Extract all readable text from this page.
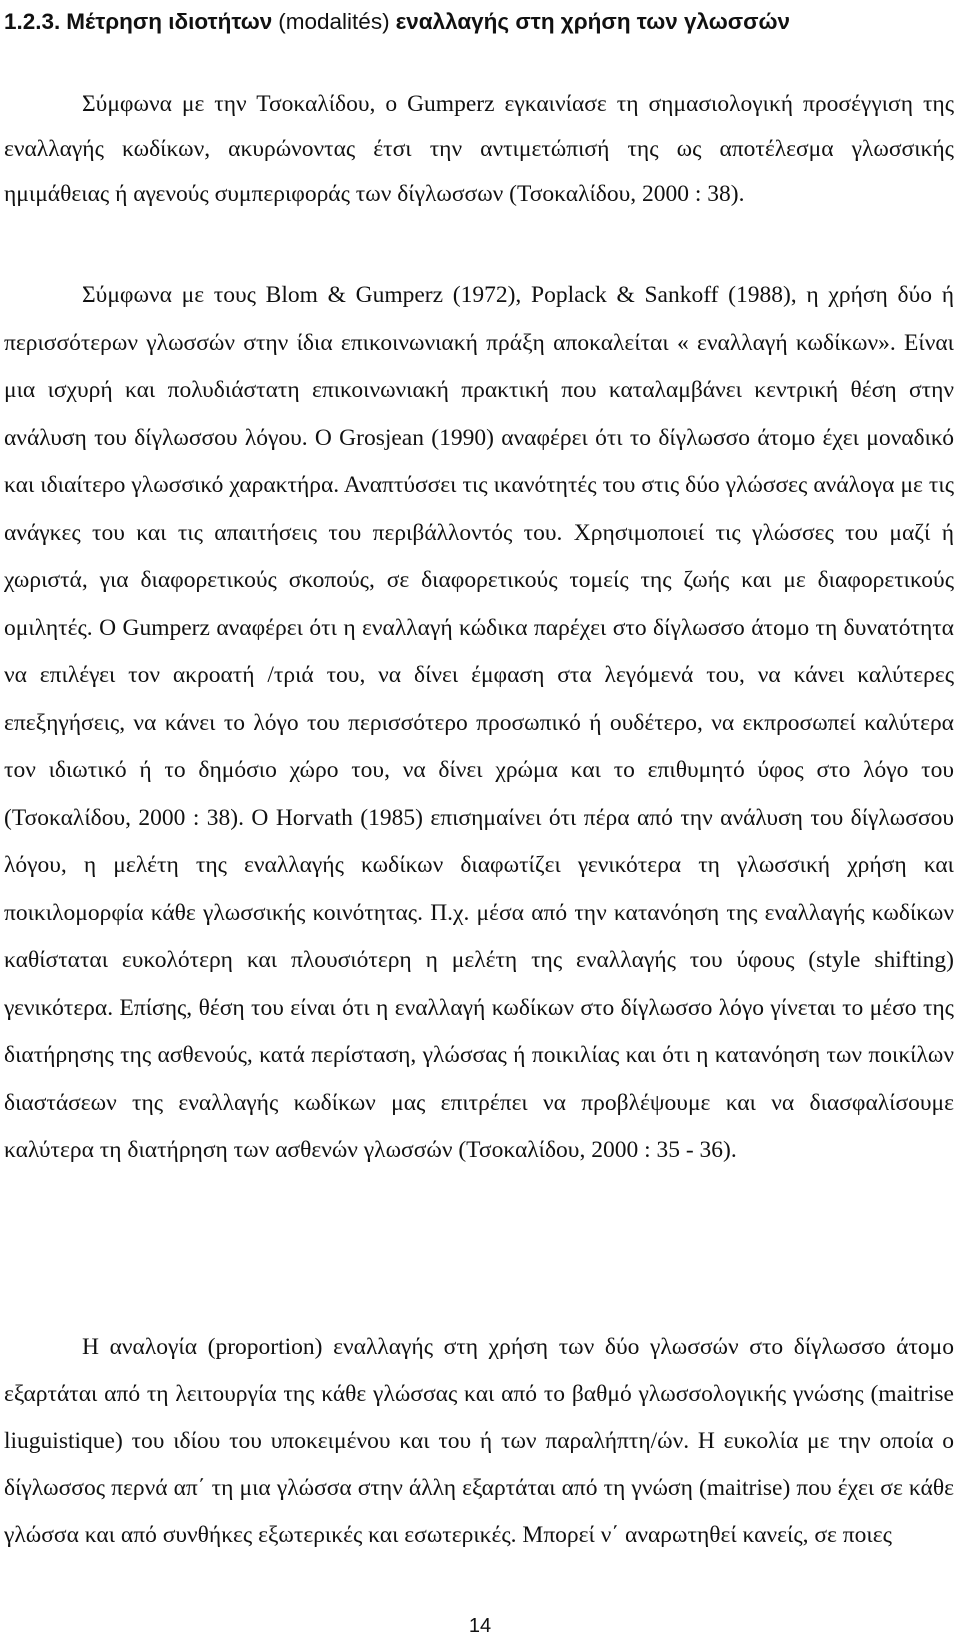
1.2.3. Μέτρηση ιδιοτήτων (modalités) εναλλαγής στη χρήση των γλωσσών

Σύμφωνα με την Τσοκαλίδου, ο Gumperz εγκαινίασε τη σημασιολογική προσέγγιση της εναλλαγής κωδίκων, ακυρώνοντας έτσι την αντιμετώπισή της ως αποτέλεσμα γλωσσικής ημιμάθειας ή αγενούς συμπεριφοράς των δίγλωσσων (Τσοκαλίδου, 2000 : 38).

Σύμφωνα με τους Blom & Gumperz (1972), Poplack & Sankoff (1988), η χρήση δύο ή περισσότερων γλωσσών στην ίδια επικοινωνιακή πράξη αποκαλείται « εναλλαγή κωδίκων». Είναι μια ισχυρή και πολυδιάστατη επικοινωνιακή πρακτική που καταλαμβάνει κεντρική θέση στην ανάλυση του δίγλωσσου λόγου. Ο Grosjean (1990) αναφέρει ότι το δίγλωσσο άτομο έχει μοναδικό και ιδιαίτερο γλωσσικό χαρακτήρα. Αναπτύσσει τις ικανότητές του στις δύο γλώσσες ανάλογα με τις ανάγκες του και τις απαιτήσεις του περιβάλλοντός του. Χρησιμοποιεί τις γλώσσες του μαζί ή χωριστά, για διαφορετικούς σκοπούς, σε διαφορετικούς τομείς της ζωής και με διαφορετικούς ομιλητές. Ο Gumperz αναφέρει ότι η εναλλαγή κώδικα παρέχει στο δίγλωσσο άτομο τη δυνατότητα να επιλέγει τον ακροατή /τριά του, να δίνει έμφαση στα λεγόμενά του, να κάνει καλύτερες επεξηγήσεις, να κάνει το λόγο του περισσότερο προσωπικό ή ουδέτερο, να εκπροσωπεί καλύτερα τον ιδιωτικό ή το δημόσιο χώρο του, να δίνει χρώμα και το επιθυμητό ύφος στο λόγο του (Τσοκαλίδου, 2000 : 38). Ο Horvath (1985) επισημαίνει ότι πέρα από την ανάλυση του δίγλωσσου λόγου, η μελέτη της εναλλαγής κωδίκων διαφωτίζει γενικότερα τη γλωσσική χρήση και ποικιλομορφία κάθε γλωσσικής κοινότητας. Π.χ. μέσα από την κατανόηση της εναλλαγής κωδίκων καθίσταται ευκολότερη και πλουσιότερη η μελέτη της εναλλαγής του ύφους (style shifting) γενικότερα. Επίσης, θέση του είναι ότι η εναλλαγή κωδίκων στο δίγλωσσο λόγο γίνεται το μέσο της διατήρησης της ασθενούς, κατά περίσταση, γλώσσας ή ποικιλίας και ότι η κατανόηση των ποικίλων διαστάσεων της εναλλαγής κωδίκων μας επιτρέπει να προβλέψουμε και να διασφαλίσουμε καλύτερα τη διατήρηση των ασθενών γλωσσών (Τσοκαλίδου, 2000 : 35 - 36).

Η αναλογία (proportion) εναλλαγής στη χρήση των δύο γλωσσών στο δίγλωσσο άτομο εξαρτάται από τη λειτουργία της κάθε γλώσσας και από το βαθμό γλωσσολογικής γνώσης (maitrise liuguistique) του ιδίου του υποκειμένου και του ή των παραλήπτη/ών. Η ευκολία με την οποία ο δίγλωσσος περνά απ΄ τη μια γλώσσα στην άλλη εξαρτάται από τη γνώση (maitrise) που έχει σε κάθε γλώσσα και από συνθήκες εξωτερικές και εσωτερικές. Μπορεί ν΄ αναρωτηθεί κανείς, σε ποιες

14
